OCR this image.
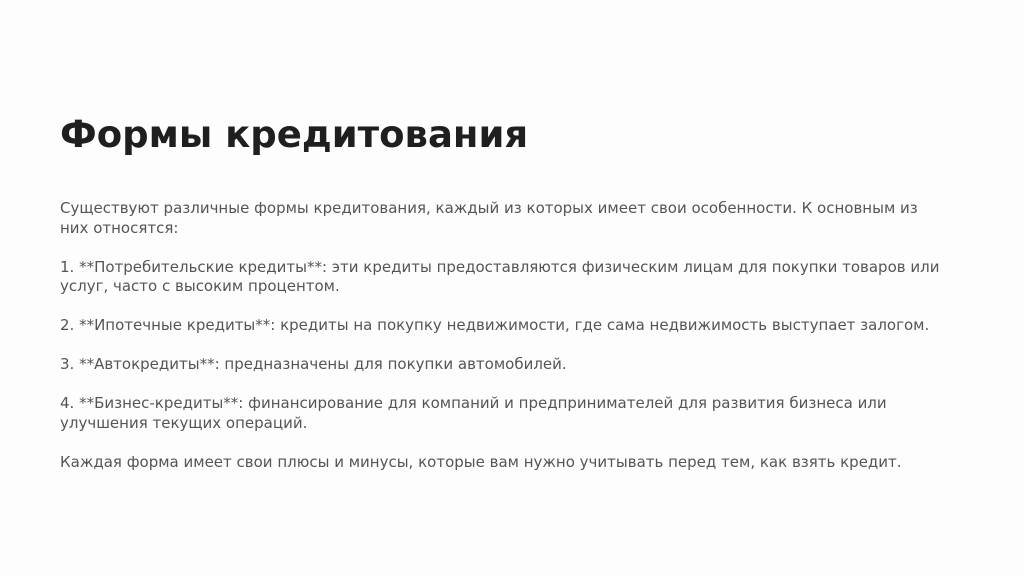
Формы кредитования

Существуют различные формы кредитования, каждый из которых имеет свои особенности. К основным из них относятся:

1. **Потребительские кредиты**: эти кредиты предоставляются физическим лицам для покупки товаров или услуг, часто с высоким процентом.

2. **Ипотечные кредиты**: кредиты на покупку недвижимости, где сама недвижимость выступает залогом.

3. **Автокредиты**: предназначены для покупки автомобилей.

4. **Бизнес-кредиты**: финансирование для компаний и предпринимателей для развития бизнеса или улучшения текущих операций.

Каждая форма имеет свои плюсы и минусы, которые вам нужно учитывать перед тем, как взять кредит.
